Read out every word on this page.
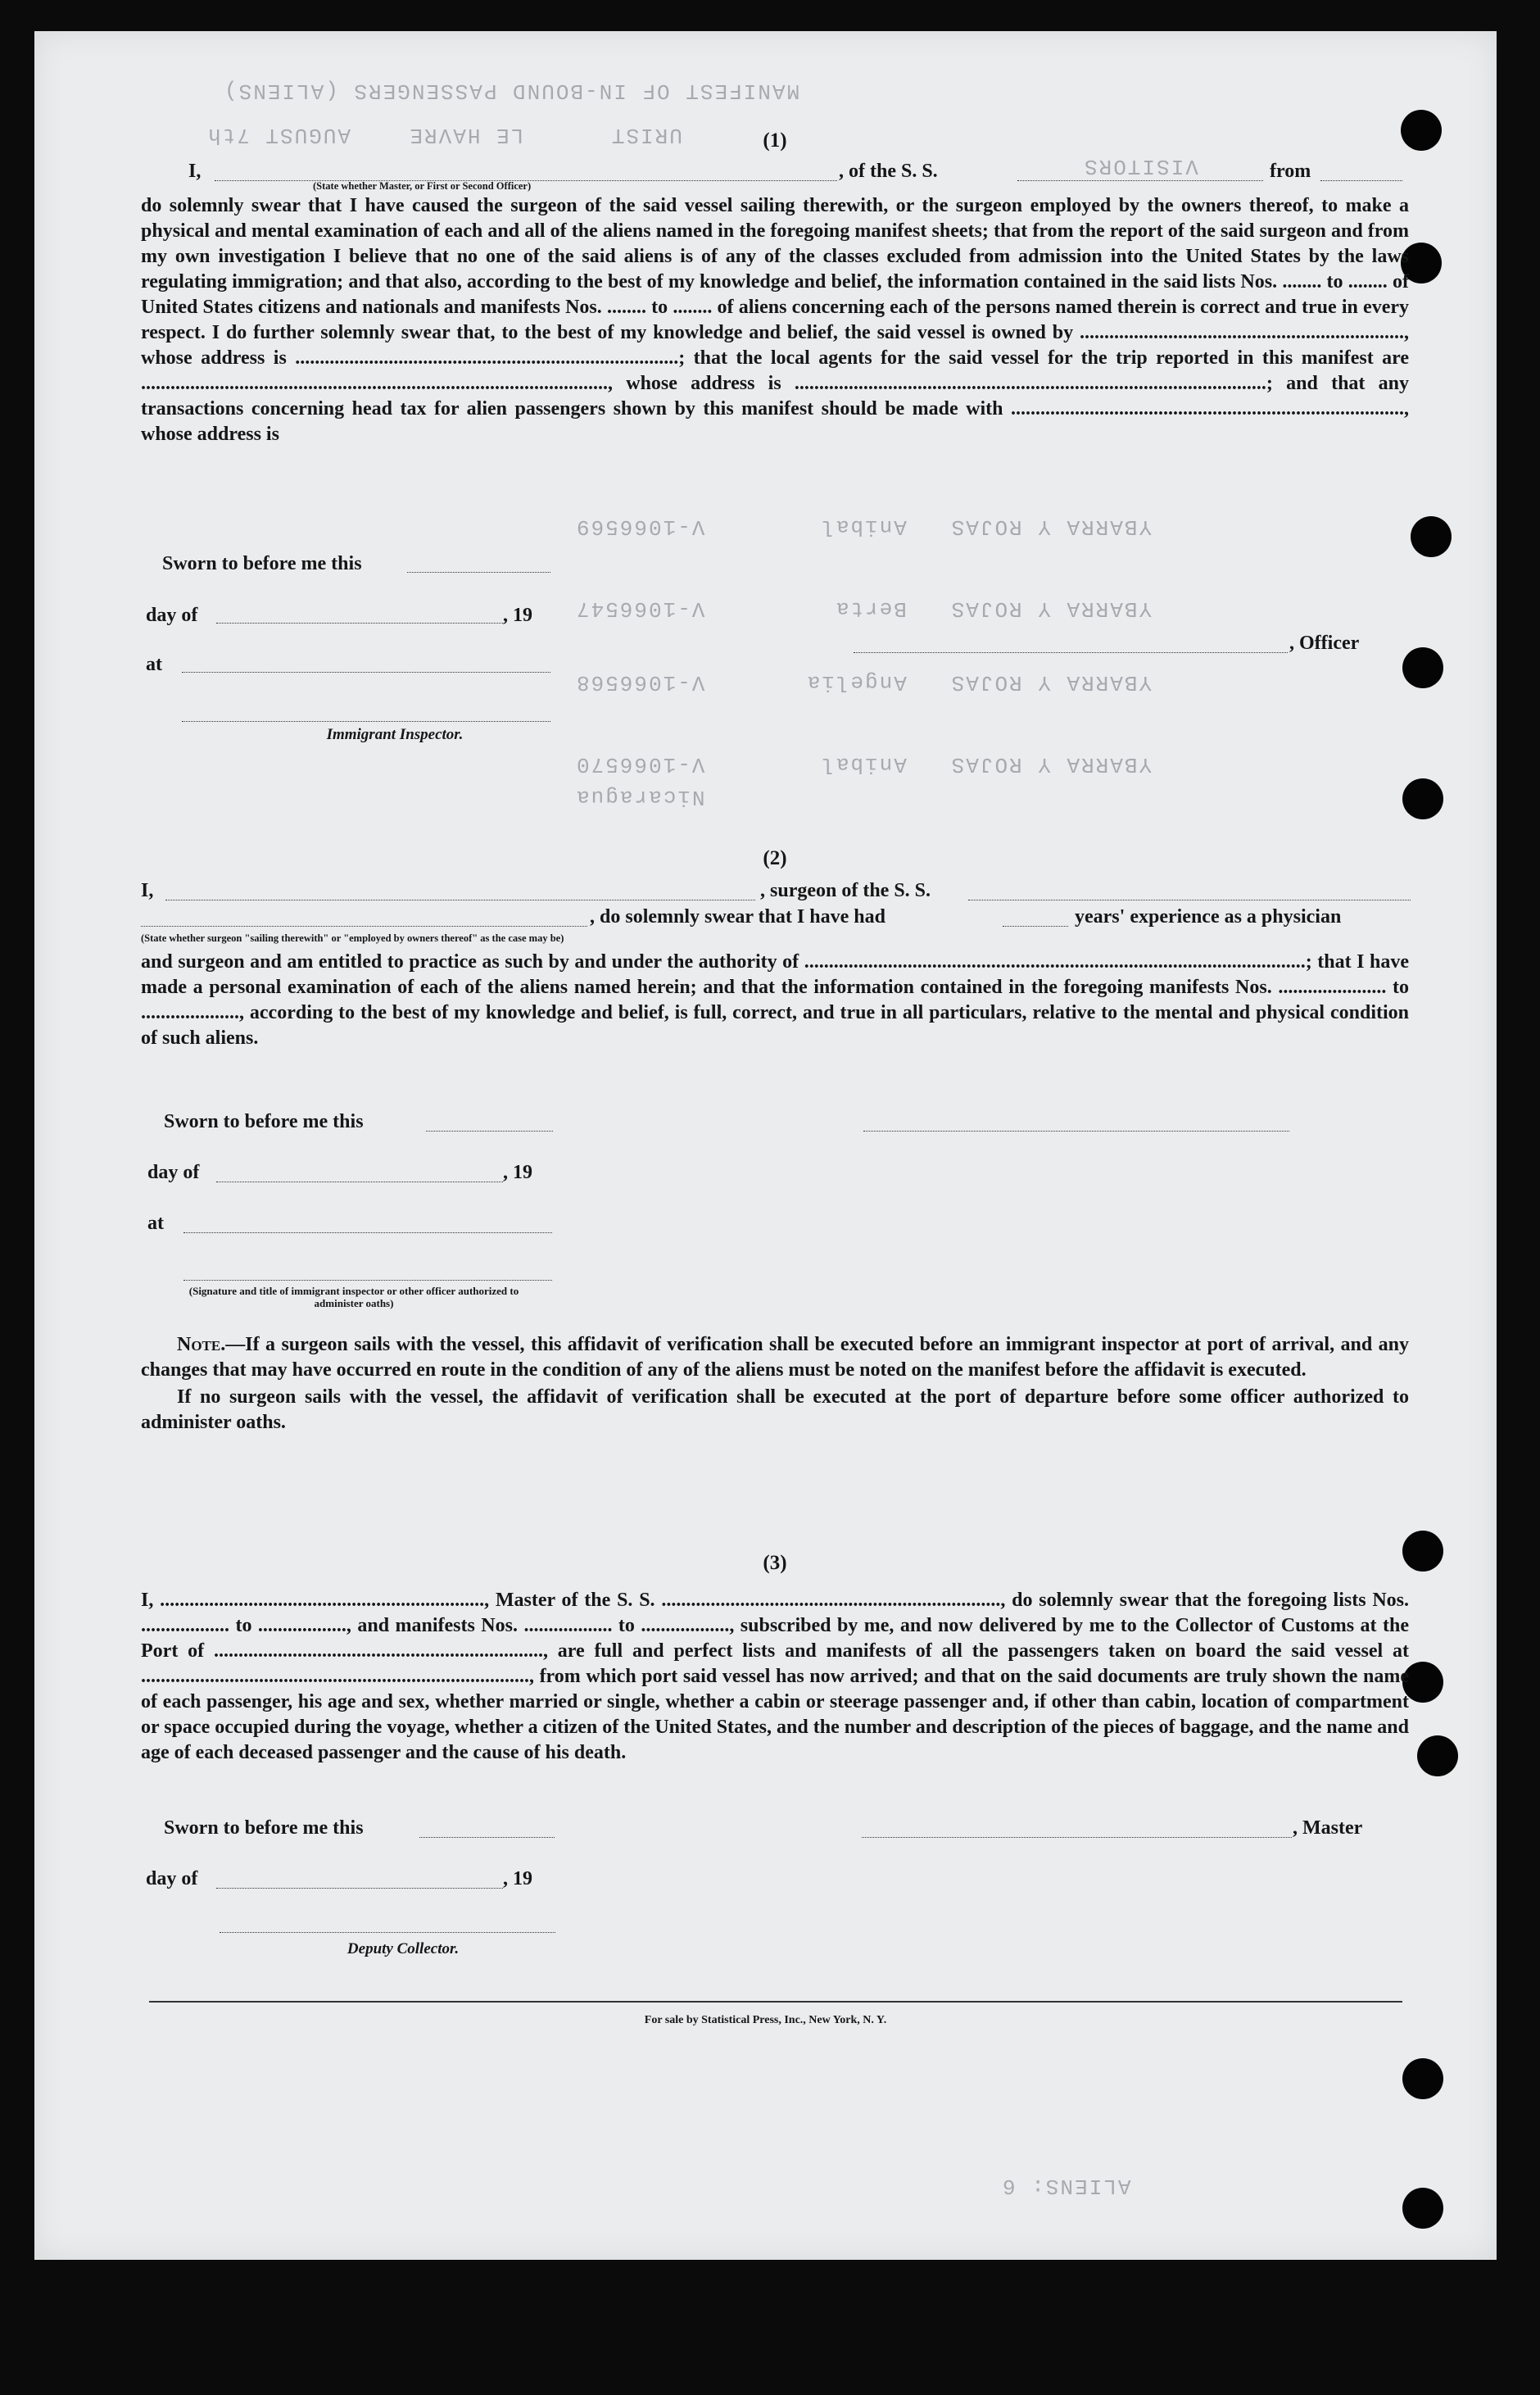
MANIFEST OF IN-BOUND PASSENGERS (ALIENS)
URIST      LE HAVRE    AUGUST 7th
VISITORS
YBARRA Y ROJAS   Anibal        V-1066569
YBARRA Y ROJAS   Berta         V-1066547
YBARRA Y ROJAS   Angelia       V-1066568
YBARRA Y ROJAS   Anibal        V-1066570
Nicaragua
ALIENS: 6

(1)

I,	, of the S. S.	from
(State whether Master, or First or Second Officer)

do solemnly swear that I have caused the surgeon of the said vessel sailing therewith, or the surgeon employed by the owners thereof, to make a physical and mental examination of each and all of the aliens named in the foregoing manifest sheets; that from the report of the said surgeon and from my own investigation I believe that no one of the said aliens is of any of the classes excluded from admission into the United States by the laws regulating immigration; and that also, according to the best of my knowledge and belief, the information contained in the said lists Nos. ........ to ........ of United States citizens and nationals and manifests Nos. ........ to ........ of aliens concerning each of the persons named therein is correct and true in every respect. I do further solemnly swear that, to the best of my knowledge and belief, the said vessel is owned by .................................................................., whose address is ..............................................................................; that the local agents for the said vessel for the trip reported in this manifest are ..............................................................................................., whose address is ................................................................................................; and that any transactions concerning head tax for alien passengers shown by this manifest should be made with ................................................................................, whose address is

Sworn to before me this
day of	, 19
at
Immigrant Inspector.
, Officer

(2)

I,	, surgeon of the S. S.
, do solemnly swear that I have had	years' experience as a physician
(State whether surgeon "sailing therewith" or "employed by owners thereof" as the case may be)

and surgeon and am entitled to practice as such by and under the authority of ......................................................................................................; that I have made a personal examination of each of the aliens named herein; and that the information contained in the foregoing manifests Nos. ...................... to ...................., according to the best of my knowledge and belief, is full, correct, and true in all particulars, relative to the mental and physical condition of such aliens.

Sworn to before me this
day of	, 19
at
(Signature and title of immigrant inspector or other officer authorized to administer oaths)

Note.—If a surgeon sails with the vessel, this affidavit of verification shall be executed before an immigrant inspector at port of arrival, and any changes that may have occurred en route in the condition of any of the aliens must be noted on the manifest before the affidavit is executed.

If no surgeon sails with the vessel, the affidavit of verification shall be executed at the port of departure before some officer authorized to administer oaths.

(3)

I, .................................................................., Master of the S. S. ....................................................................., do solemnly swear that the foregoing lists Nos. .................. to .................., and manifests Nos. .................. to .................., subscribed by me, and now delivered by me to the Collector of Customs at the Port of ..................................................................., are full and perfect lists and manifests of all the passengers taken on board the said vessel at ..............................................................................., from which port said vessel has now arrived; and that on the said documents are truly shown the name of each passenger, his age and sex, whether married or single, whether a cabin or steerage passenger and, if other than cabin, location of compartment or space occupied during the voyage, whether a citizen of the United States, and the number and description of the pieces of baggage, and the name and age of each deceased passenger and the cause of his death.

Sworn to before me this	, Master
day of	, 19
Deputy Collector.
For sale by Statistical Press, Inc., New York, N. Y.
